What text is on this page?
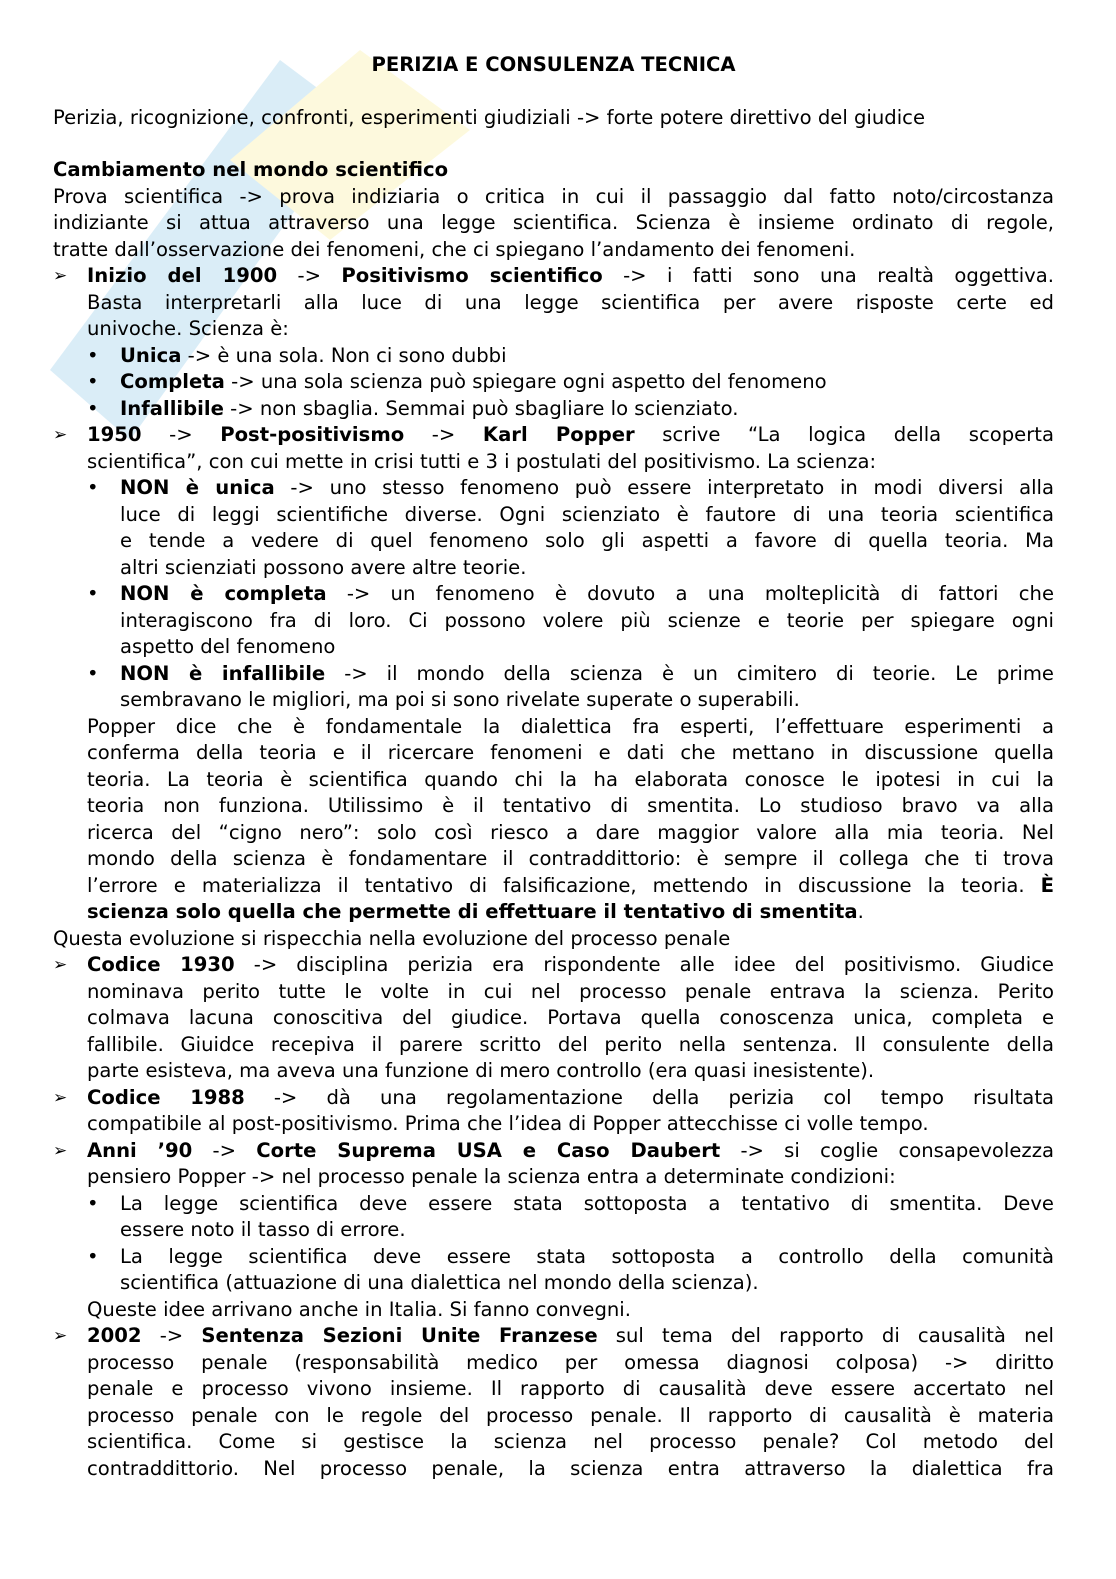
PERIZIA E CONSULENZA TECNICA
Perizia, ricognizione, confronti, esperimenti giudiziali -> forte potere direttivo del giudice
Cambiamento nel mondo scientifico
Prova scientifica -> prova indiziaria o critica in cui il passaggio dal fatto noto/circostanza
indiziante si attua attraverso una legge scientifica. Scienza è insieme ordinato di regole,
tratte dall’osservazione dei fenomeni, che ci spiegano l’andamento dei fenomeni.
➢ Inizio del 1900 -> Positivismo scientifico -> i fatti sono una realtà oggettiva.
Basta interpretarli alla luce di una legge scientifica per avere risposte certe ed
univoche. Scienza è:
• Unica -> è una sola. Non ci sono dubbi
• Completa -> una sola scienza può spiegare ogni aspetto del fenomeno
• Infallibile -> non sbaglia. Semmai può sbagliare lo scienziato.
➢ 1950 -> Post-positivismo -> Karl Popper scrive “La logica della scoperta
scientifica”, con cui mette in crisi tutti e 3 i postulati del positivismo. La scienza:
• NON è unica -> uno stesso fenomeno può essere interpretato in modi diversi alla
luce di leggi scientifiche diverse. Ogni scienziato è fautore di una teoria scientifica
e tende a vedere di quel fenomeno solo gli aspetti a favore di quella teoria. Ma
altri scienziati possono avere altre teorie.
• NON è completa -> un fenomeno è dovuto a una molteplicità di fattori che
interagiscono fra di loro. Ci possono volere più scienze e teorie per spiegare ogni
aspetto del fenomeno
• NON è infallibile -> il mondo della scienza è un cimitero di teorie. Le prime
sembravano le migliori, ma poi si sono rivelate superate o superabili.
Popper dice che è fondamentale la dialettica fra esperti, l’effettuare esperimenti a
conferma della teoria e il ricercare fenomeni e dati che mettano in discussione quella
teoria. La teoria è scientifica quando chi la ha elaborata conosce le ipotesi in cui la
teoria non funziona. Utilissimo è il tentativo di smentita. Lo studioso bravo va alla
ricerca del “cigno nero”: solo così riesco a dare maggior valore alla mia teoria. Nel
mondo della scienza è fondamentare il contraddittorio: è sempre il collega che ti trova
l’errore e materializza il tentativo di falsificazione, mettendo in discussione la teoria. È
scienza solo quella che permette di effettuare il tentativo di smentita.
Questa evoluzione si rispecchia nella evoluzione del processo penale
➢ Codice 1930 -> disciplina perizia era rispondente alle idee del positivismo. Giudice
nominava perito tutte le volte in cui nel processo penale entrava la scienza. Perito
colmava lacuna conoscitiva del giudice. Portava quella conoscenza unica, completa e
fallibile. Giuidce recepiva il parere scritto del perito nella sentenza. Il consulente della
parte esisteva, ma aveva una funzione di mero controllo (era quasi inesistente).
➢ Codice 1988 -> dà una regolamentazione della perizia col tempo risultata
compatibile al post-positivismo. Prima che l’idea di Popper attecchisse ci volle tempo.
➢ Anni ’90 -> Corte Suprema USA e Caso Daubert -> si coglie consapevolezza
pensiero Popper -> nel processo penale la scienza entra a determinate condizioni:
• La legge scientifica deve essere stata sottoposta a tentativo di smentita. Deve
essere noto il tasso di errore.
• La legge scientifica deve essere stata sottoposta a controllo della comunità
scientifica (attuazione di una dialettica nel mondo della scienza).
Queste idee arrivano anche in Italia. Si fanno convegni.
➢ 2002 -> Sentenza Sezioni Unite Franzese sul tema del rapporto di causalità nel
processo penale (responsabilità medico per omessa diagnosi colposa) -> diritto
penale e processo vivono insieme. Il rapporto di causalità deve essere accertato nel
processo penale con le regole del processo penale. Il rapporto di causalità è materia
scientifica. Come si gestisce la scienza nel processo penale? Col metodo del
contraddittorio. Nel processo penale, la scienza entra attraverso la dialettica fra
